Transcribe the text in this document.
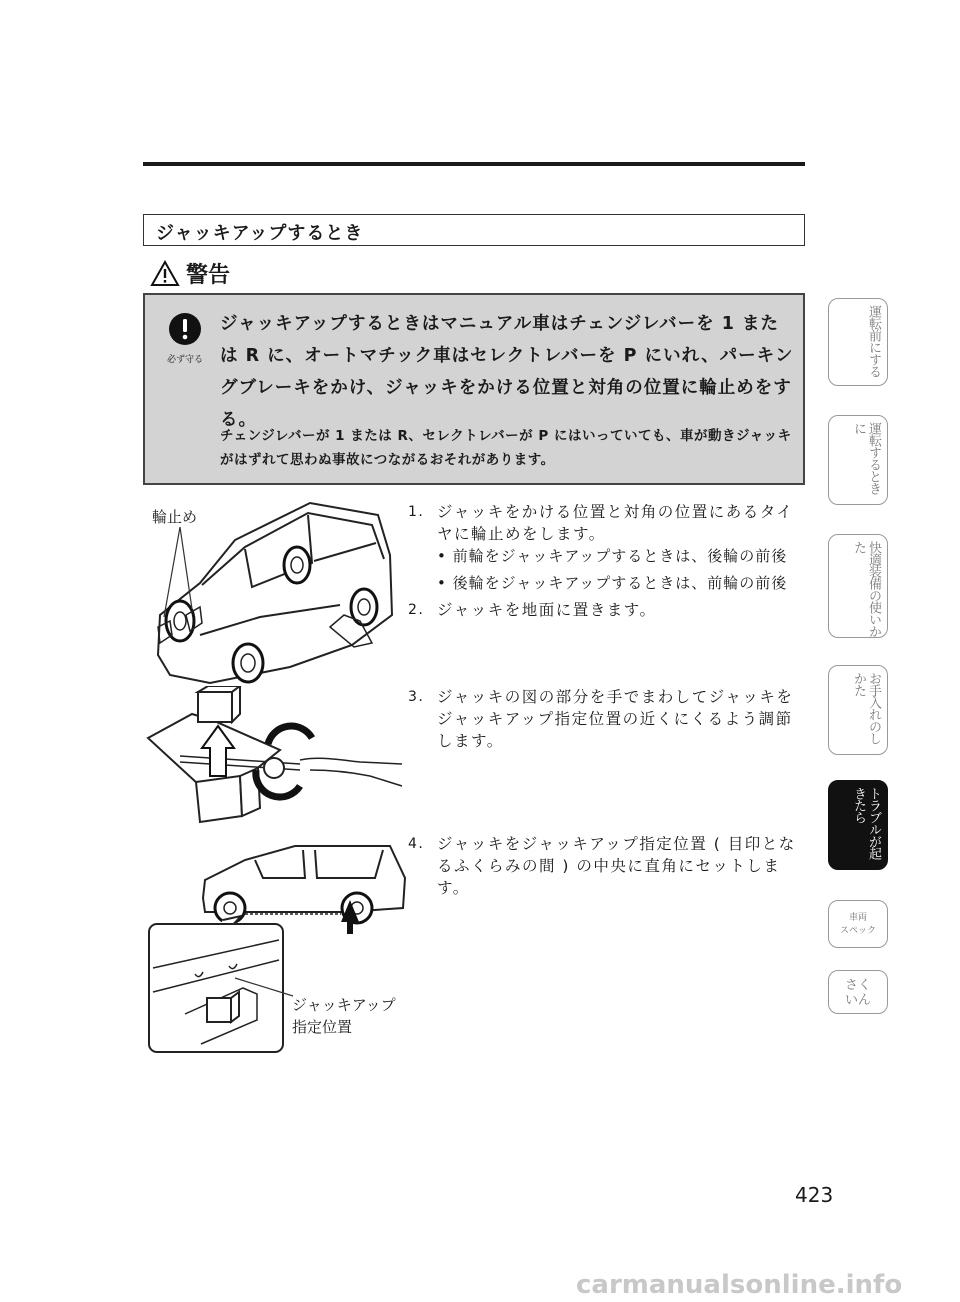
ジャッキアップするとき
警告
必ず守る
ジャッキアップするときはマニュアル車はチェンジレバーを 1 または R に、オートマチック車はセレクトレバーを P にいれ、パーキングブレーキをかけ、ジャッキをかける位置と対角の位置に輪止めをする。
チェンジレバーが 1 または R、セレクトレバーが P にはいっていても、車が動きジャッキがはずれて思わぬ事故につながるおそれがあります。
輪止め
ジャッキアップ
指定位置
1. ジャッキをかける位置と対角の位置にあるタイヤに輪止めをします。
• 前輪をジャッキアップするときは、後輪の前後
• 後輪をジャッキアップするときは、前輪の前後
2. ジャッキを地面に置きます。
3. ジャッキの図の部分を手でまわしてジャッキをジャッキアップ指定位置の近くにくるよう調節します。
4. ジャッキをジャッキアップ指定位置 ( 目印となるふくらみの間 ) の中央に直角にセットします。
運転前にする
運転するときに
快適装備の使いかた
お手入れのしかた
トラブルが起きたら
車両
スペック
さく
いん
423
carmanualsonline.info
